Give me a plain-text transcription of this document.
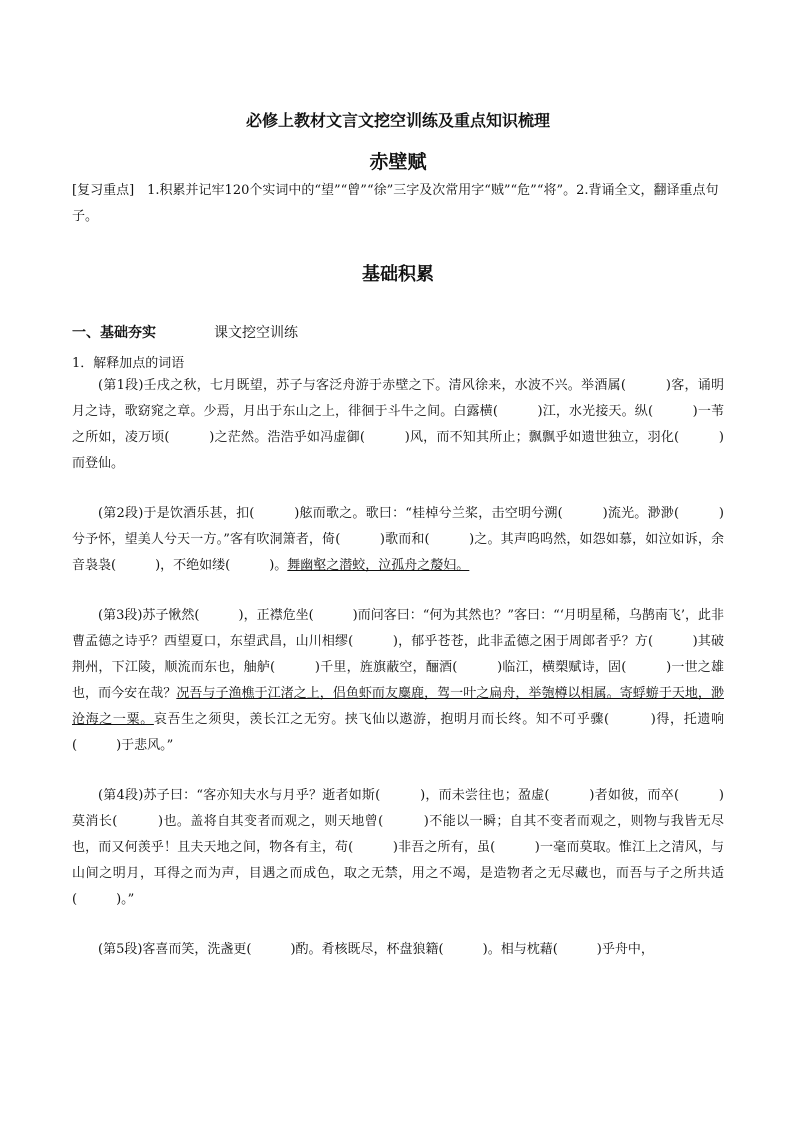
必修上教材文言文挖空训练及重点知识梳理
赤壁赋
[复习重点]　1.积累并记牢120个实词中的“望”“曾”“徐”三字及次常用字“贼”“危”“将”。2.背诵全文，翻译重点句子。
基础积累
一、基础夯实	课文挖空训练
1．解释加点的词语
(第1段)壬戌之秋，七月既望，苏子与客泛舟游于赤壁之下。清风徐来，水波不兴。举酒属(　　　)客，诵明月之诗，歌窈窕之章。少焉，月出于东山之上，徘徊于斗牛之间。白露横(　　　)江，水光接天。纵(　　　)一苇之所如，凌万顷(　　　)之茫然。浩浩乎如冯虚御(　　　)风，而不知其所止；飘飘乎如遗世独立，羽化(　　　)而登仙。
(第2段)于是饮酒乐甚，扣(　　　)舷而歌之。歌曰：“桂棹兮兰桨，击空明兮溯(　　　)流光。渺渺(　　　)兮予怀，望美人兮天一方。”客有吹洞箫者，倚(　　　)歌而和(　　　)之。其声呜呜然，如怨如慕，如泣如诉，余音袅袅(　　　)，不绝如缕(　　　)。舞幽壑之潜蛟，泣孤舟之嫠妇。
(第3段)苏子愀然(　　　)，正襟危坐(　　　)而问客曰：“何为其然也？”客曰：“‘月明星稀，乌鹊南飞’，此非曹孟德之诗乎？西望夏口，东望武昌，山川相缪(　　　)，郁乎苍苍，此非孟德之困于周郎者乎？方(　　　)其破荆州，下江陵，顺流而东也，舳舻(　　　)千里，旌旗蔽空，酾酒(　　　)临江，横槊赋诗，固(　　　)一世之雄也，而今安在哉？况吾与子渔樵于江渚之上，侣鱼虾而友麋鹿，驾一叶之扁舟，举匏樽以相属。寄蜉蝣于天地，渺沧海之一粟。哀吾生之须臾，羡长江之无穷。挟飞仙以遨游，抱明月而长终。知不可乎骤(　　　)得，托遗响(　　　)于悲风。”
(第4段)苏子曰：“客亦知夫水与月乎？逝者如斯(　　　)，而未尝往也；盈虚(　　　)者如彼，而卒(　　　)莫消长(　　　)也。盖将自其变者而观之，则天地曾(　　　)不能以一瞬；自其不变者而观之，则物与我皆无尽也，而又何羡乎！且夫天地之间，物各有主，苟(　　　)非吾之所有，虽(　　　)一毫而莫取。惟江上之清风，与山间之明月，耳得之而为声，目遇之而成色，取之无禁，用之不竭，是造物者之无尽藏也，而吾与子之所共适(　　　)。”
(第5段)客喜而笑，洗盏更(　　　)酌。肴核既尽，杯盘狼籍(　　　)。相与枕藉(　　　)乎舟中，
